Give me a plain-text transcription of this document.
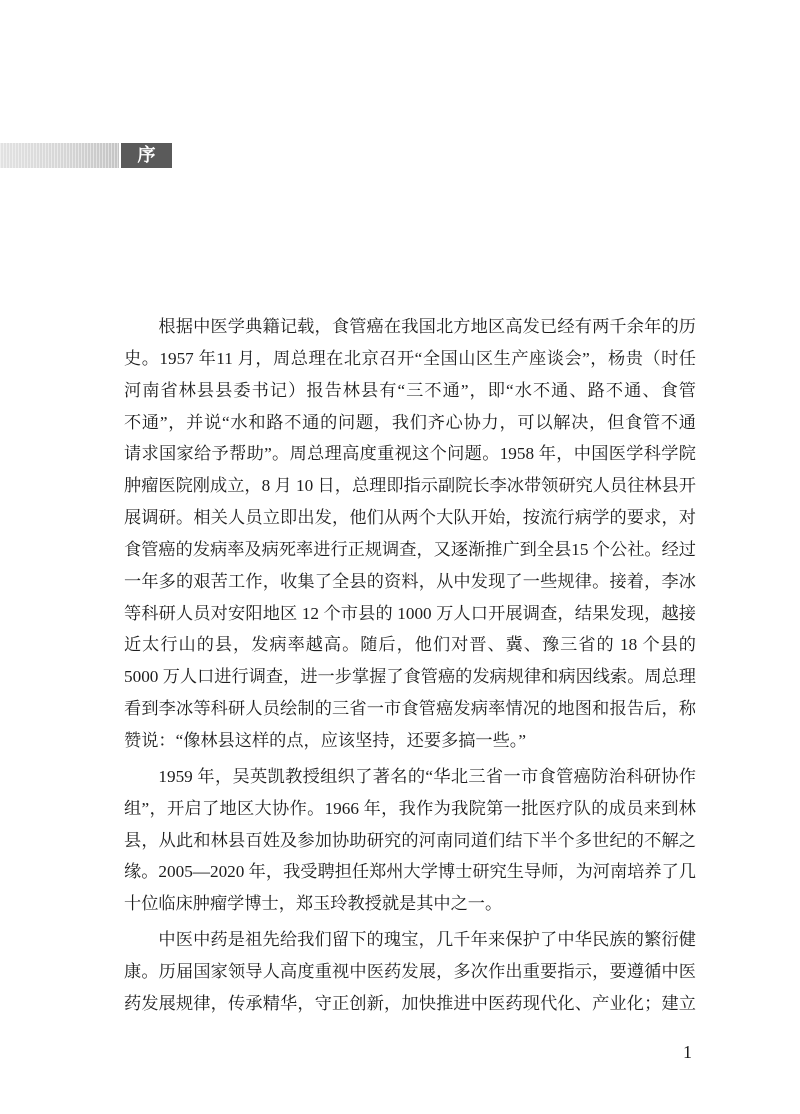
序
根据中医学典籍记载，食管癌在我国北方地区高发已经有两千余年的历
史。1957 年11 月，周总理在北京召开“全国山区生产座谈会”，杨贵（时任
河南省林县县委书记）报告林县有“三不通”，即“水不通、路不通、食管
不通”，并说“水和路不通的问题，我们齐心协力，可以解决，但食管不通
请求国家给予帮助”。周总理高度重视这个问题。1958 年，中国医学科学院
肿瘤医院刚成立，8 月 10 日，总理即指示副院长李冰带领研究人员往林县开
展调研。相关人员立即出发，他们从两个大队开始，按流行病学的要求，对
食管癌的发病率及病死率进行正规调查，又逐渐推广到全县15 个公社。经过
一年多的艰苦工作，收集了全县的资料，从中发现了一些规律。接着，李冰
等科研人员对安阳地区 12 个市县的 1000 万人口开展调查，结果发现，越接
近太行山的县，发病率越高。随后，他们对晋、冀、豫三省的 18 个县的
5000 万人口进行调查，进一步掌握了食管癌的发病规律和病因线索。周总理
看到李冰等科研人员绘制的三省一市食管癌发病率情况的地图和报告后，称
赞说：“像林县这样的点，应该坚持，还要多搞一些。”
1959 年，吴英凯教授组织了著名的“华北三省一市食管癌防治科研协作
组”，开启了地区大协作。1966 年，我作为我院第一批医疗队的成员来到林
县，从此和林县百姓及参加协助研究的河南同道们结下半个多世纪的不解之
缘。2005—2020 年，我受聘担任郑州大学博士研究生导师，为河南培养了几
十位临床肿瘤学博士，郑玉玲教授就是其中之一。
中医中药是祖先给我们留下的瑰宝，几千年来保护了中华民族的繁衍健
康。历届国家领导人高度重视中医药发展，多次作出重要指示，要遵循中医
药发展规律，传承精华，守正创新，加快推进中医药现代化、产业化；建立
1
